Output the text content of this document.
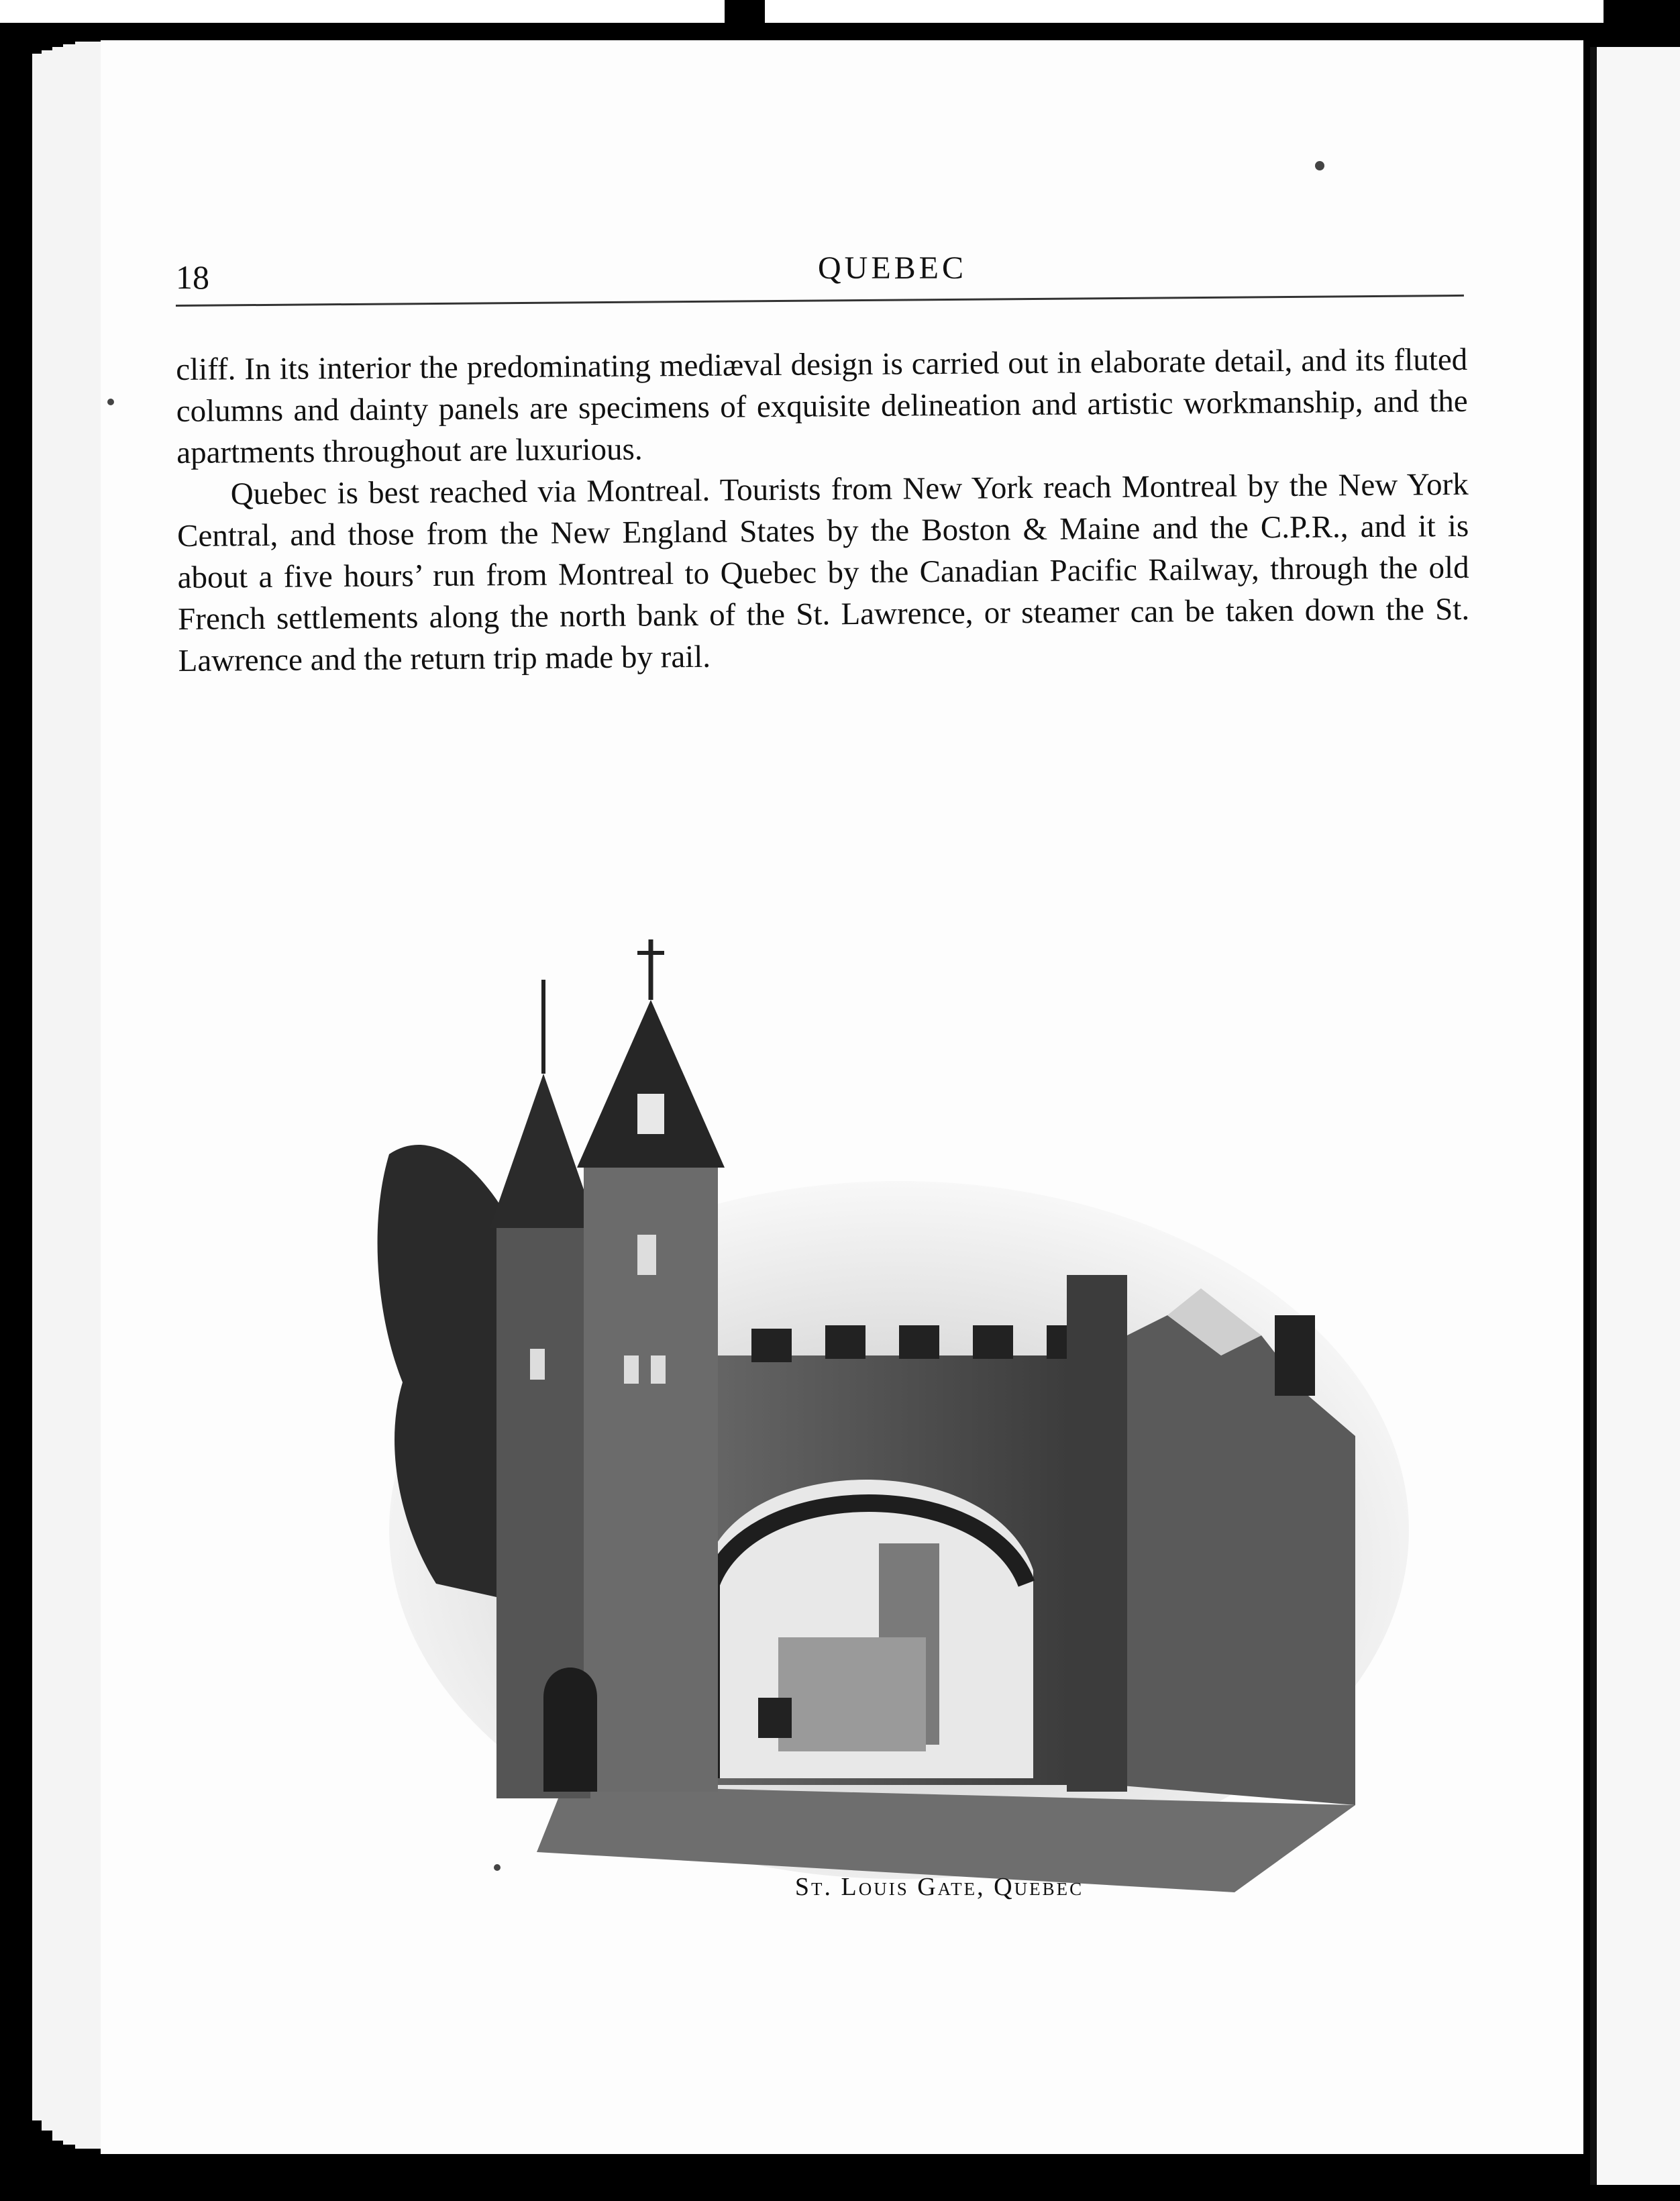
18	QUEBEC

cliff. In its interior the predominating mediæval design is carried out in elaborate detail, and its fluted columns and dainty panels are specimens of exquisite delineation and artistic workmanship, and the apartments throughout are luxurious.

Quebec is best reached via Montreal. Tourists from New York reach Montreal by the New York Central, and those from the New England States by the Boston & Maine and the C.P.R., and it is about a five hours’ run from Montreal to Quebec by the Canadian Pacific Railway, through the old French settlements along the north bank of the St. Lawrence, or steamer can be taken down the St. Lawrence and the return trip made by rail.

St. Louis Gate, Quebec
